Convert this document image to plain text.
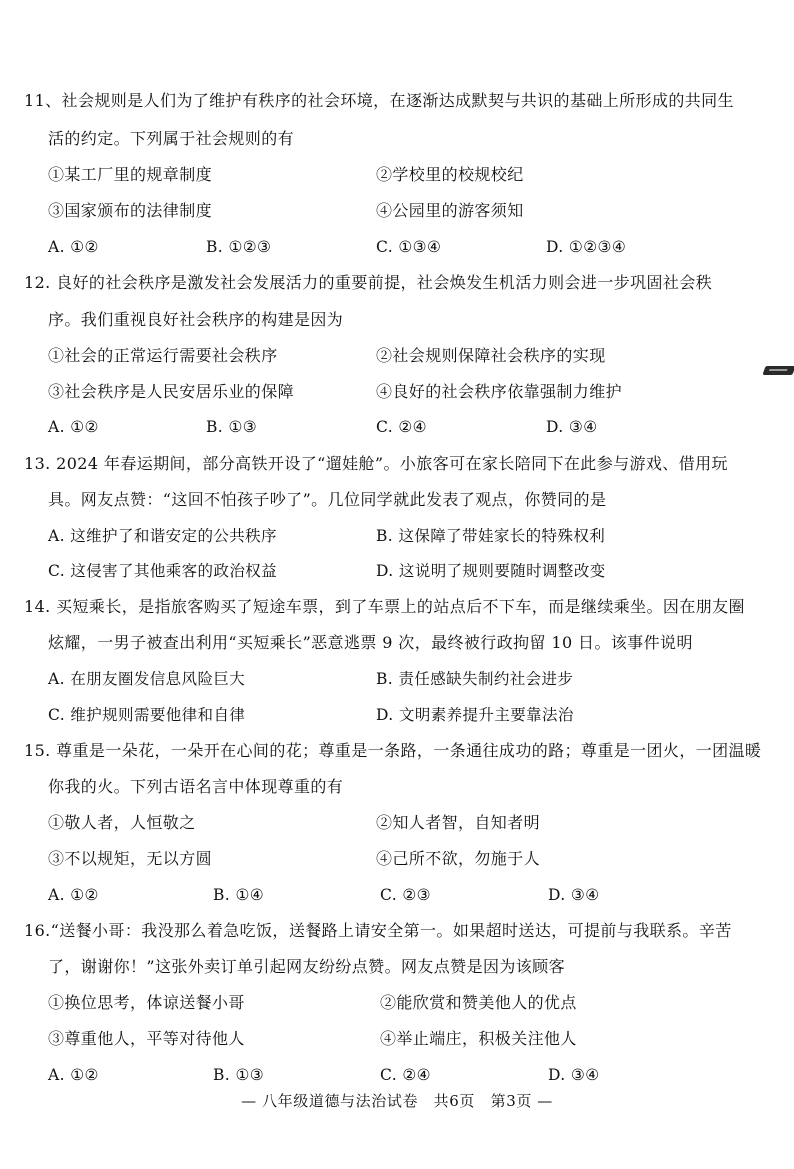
11、社会规则是人们为了维护有秩序的社会环境，在逐渐达成默契与共识的基础上所形成的共同生
活的约定。下列属于社会规则的有
①某工厂里的规章制度	②学校里的校规校纪
③国家颁布的法律制度	④公园里的游客须知
A. ①②	B. ①②③	C. ①③④	D. ①②③④
12. 良好的社会秩序是激发社会发展活力的重要前提，社会焕发生机活力则会进一步巩固社会秩
序。我们重视良好社会秩序的构建是因为
①社会的正常运行需要社会秩序	②社会规则保障社会秩序的实现
③社会秩序是人民安居乐业的保障	④良好的社会秩序依靠强制力维护
A. ①②	B. ①③	C. ②④	D. ③④
13. 2024 年春运期间，部分高铁开设了“遛娃舱”。小旅客可在家长陪同下在此参与游戏、借用玩
具。网友点赞：“这回不怕孩子吵了”。几位同学就此发表了观点，你赞同的是
A. 这维护了和谐安定的公共秩序	B. 这保障了带娃家长的特殊权利
C. 这侵害了其他乘客的政治权益	D. 这说明了规则要随时调整改变
14. 买短乘长，是指旅客购买了短途车票，到了车票上的站点后不下车，而是继续乘坐。因在朋友圈
炫耀，一男子被查出利用“买短乘长”恶意逃票 9 次，最终被行政拘留 10 日。该事件说明
A. 在朋友圈发信息风险巨大	B. 责任感缺失制约社会进步
C. 维护规则需要他律和自律	D. 文明素养提升主要靠法治
15. 尊重是一朵花，一朵开在心间的花；尊重是一条路，一条通往成功的路；尊重是一团火，一团温暖
你我的火。下列古语名言中体现尊重的有
①敬人者，人恒敬之	②知人者智，自知者明
③不以规矩，无以方圆	④己所不欲，勿施于人
A. ①②	B. ①④	C. ②③	D. ③④
16.“送餐小哥：我没那么着急吃饭，送餐路上请安全第一。如果超时送达，可提前与我联系。辛苦
了，谢谢你！”这张外卖订单引起网友纷纷点赞。网友点赞是因为该顾客
①换位思考，体谅送餐小哥	②能欣赏和赞美他人的优点
③尊重他人，平等对待他人	④举止端庄，积极关注他人
A. ①②	B. ①③	C. ②④	D. ③④
— 八年级道德与法治试卷　共6页　第3页 —
